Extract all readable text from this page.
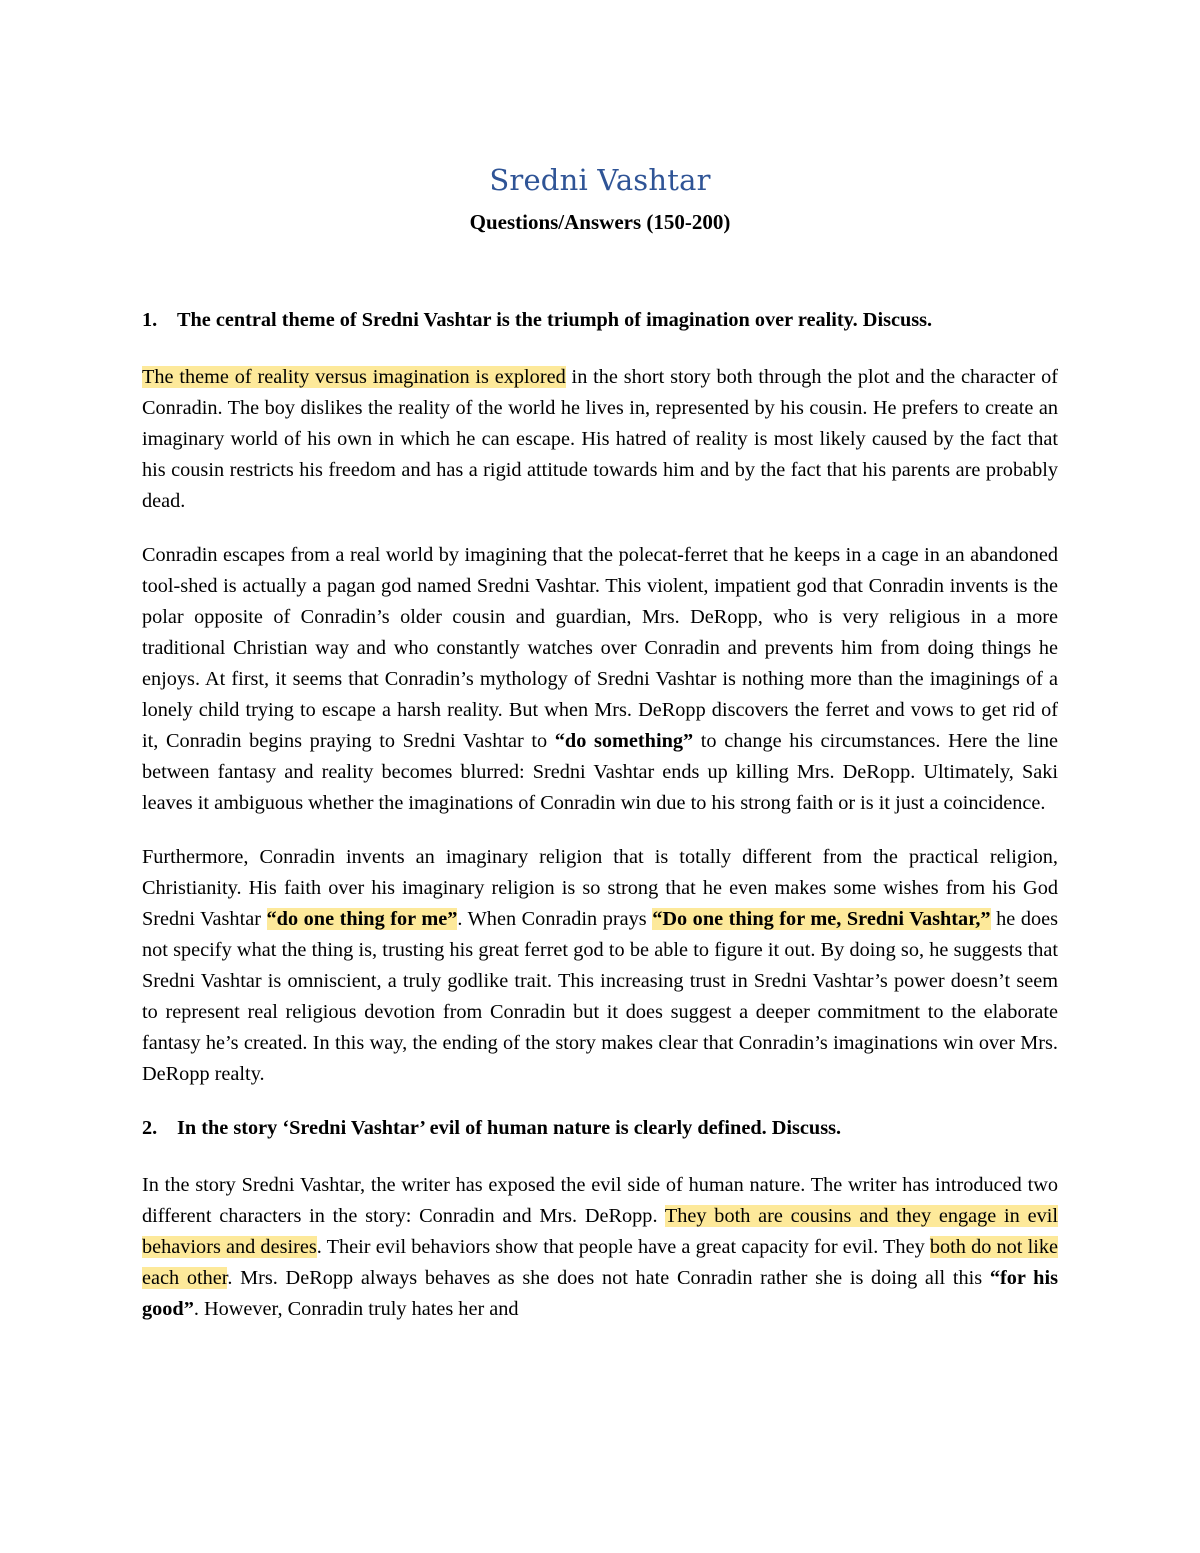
Sredni Vashtar
Questions/Answers (150-200)
1. The central theme of Sredni Vashtar is the triumph of imagination over reality. Discuss.

The theme of reality versus imagination is explored in the short story both through the plot and the character of Conradin. The boy dislikes the reality of the world he lives in, represented by his cousin. He prefers to create an imaginary world of his own in which he can escape. His hatred of reality is most likely caused by the fact that his cousin restricts his freedom and has a rigid attitude towards him and by the fact that his parents are probably dead.

Conradin escapes from a real world by imagining that the polecat-ferret that he keeps in a cage in an abandoned tool-shed is actually a pagan god named Sredni Vashtar. This violent, impatient god that Conradin invents is the polar opposite of Conradin’s older cousin and guardian, Mrs. DeRopp, who is very religious in a more traditional Christian way and who constantly watches over Conradin and prevents him from doing things he enjoys. At first, it seems that Conradin’s mythology of Sredni Vashtar is nothing more than the imaginings of a lonely child trying to escape a harsh reality. But when Mrs. DeRopp discovers the ferret and vows to get rid of it, Conradin begins praying to Sredni Vashtar to “do something” to change his circumstances. Here the line between fantasy and reality becomes blurred: Sredni Vashtar ends up killing Mrs. DeRopp. Ultimately, Saki leaves it ambiguous whether the imaginations of Conradin win due to his strong faith or is it just a coincidence.

Furthermore, Conradin invents an imaginary religion that is totally different from the practical religion, Christianity. His faith over his imaginary religion is so strong that he even makes some wishes from his God Sredni Vashtar “do one thing for me”. When Conradin prays “Do one thing for me, Sredni Vashtar,” he does not specify what the thing is, trusting his great ferret god to be able to figure it out. By doing so, he suggests that Sredni Vashtar is omniscient, a truly godlike trait. This increasing trust in Sredni Vashtar’s power doesn’t seem to represent real religious devotion from Conradin but it does suggest a deeper commitment to the elaborate fantasy he’s created. In this way, the ending of the story makes clear that Conradin’s imaginations win over Mrs. DeRopp realty.

2. In the story ‘Sredni Vashtar’ evil of human nature is clearly defined. Discuss.

In the story Sredni Vashtar, the writer has exposed the evil side of human nature. The writer has introduced two different characters in the story: Conradin and Mrs. DeRopp. They both are cousins and they engage in evil behaviors and desires. Their evil behaviors show that people have a great capacity for evil. They both do not like each other. Mrs. DeRopp always behaves as she does not hate Conradin rather she is doing all this “for his good”. However, Conradin truly hates her and
